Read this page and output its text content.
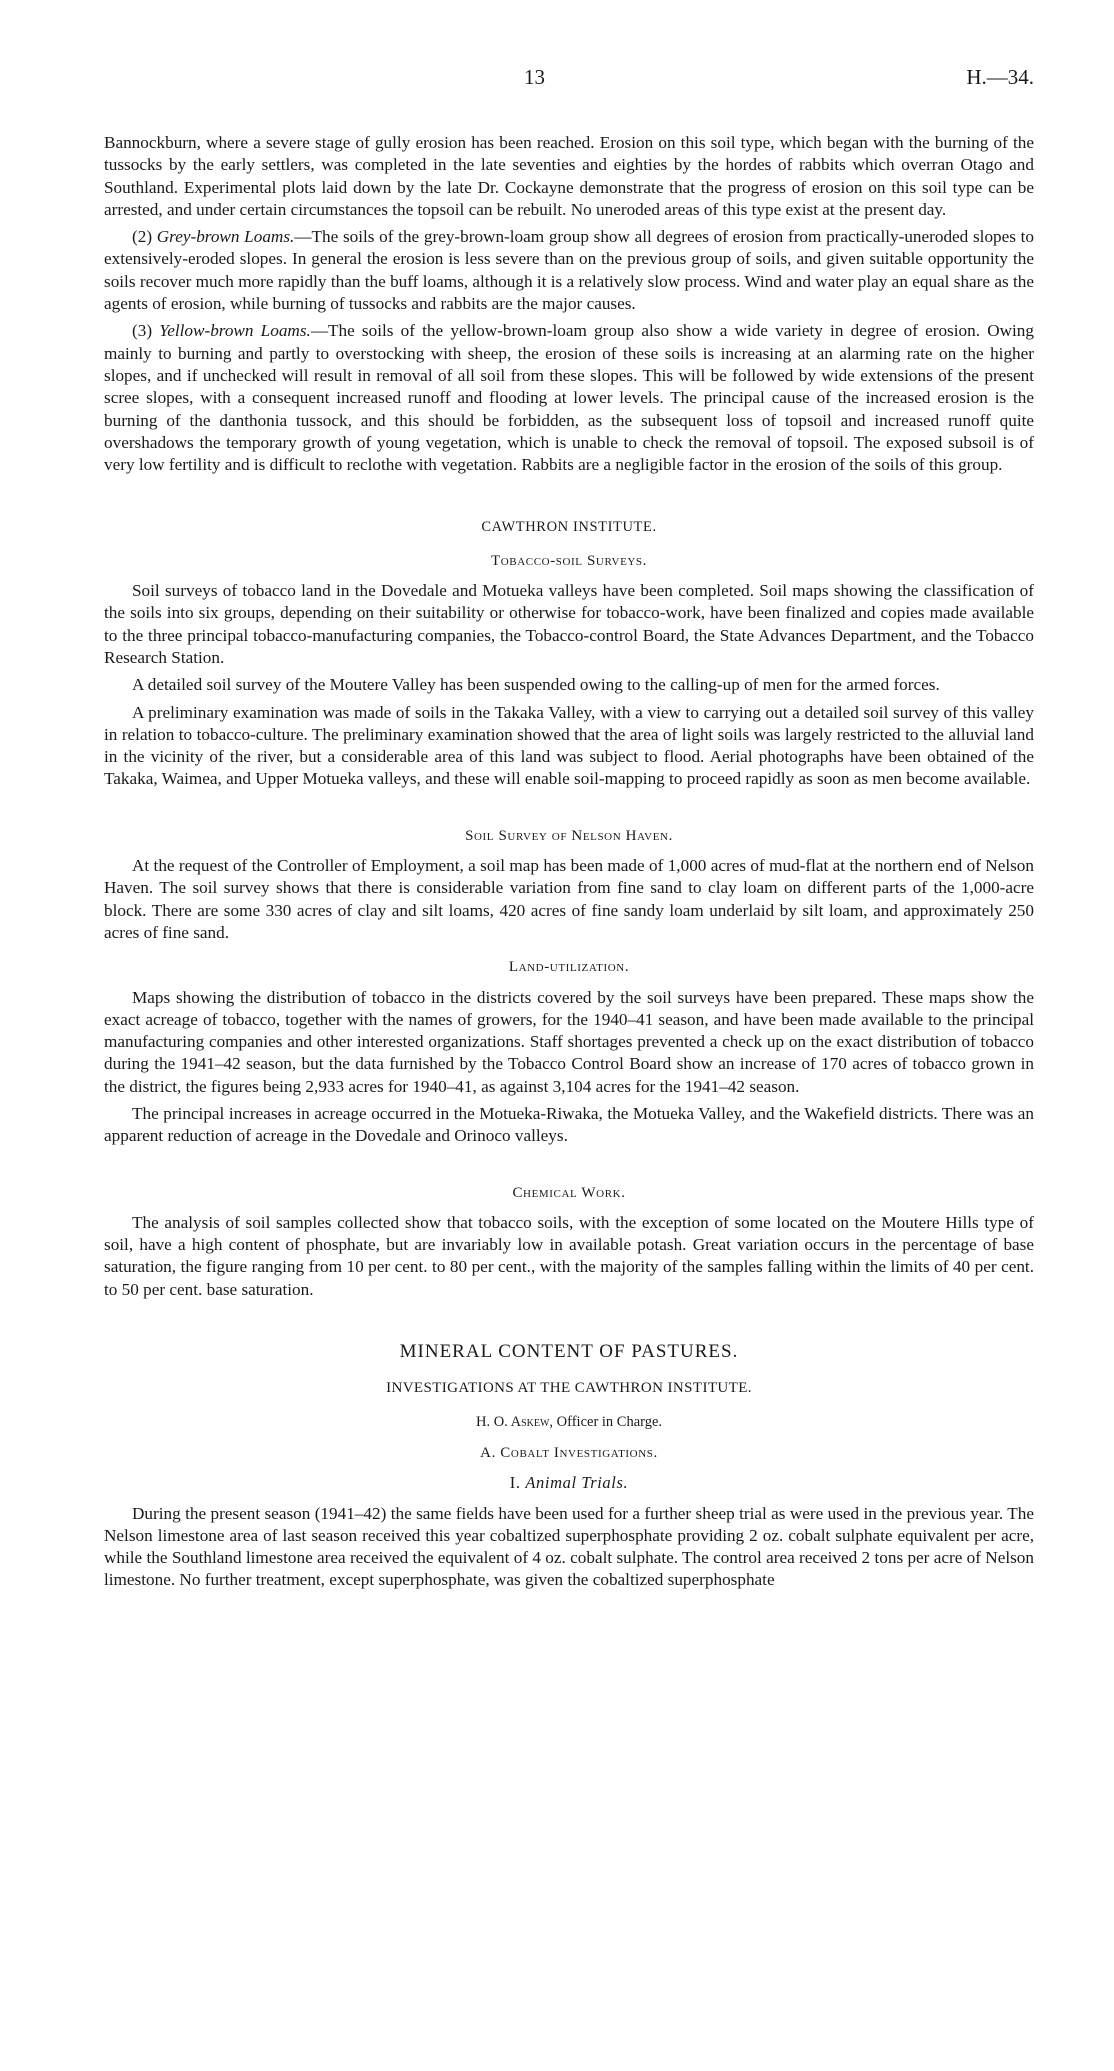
13	H.—34.

Bannockburn, where a severe stage of gully erosion has been reached. Erosion on this soil type, which began with the burning of the tussocks by the early settlers, was completed in the late seventies and eighties by the hordes of rabbits which overran Otago and Southland. Experimental plots laid down by the late Dr. Cockayne demonstrate that the progress of erosion on this soil type can be arrested, and under certain circumstances the topsoil can be rebuilt. No uneroded areas of this type exist at the present day.

(2) Grey-brown Loams.—The soils of the grey-brown-loam group show all degrees of erosion from practically-uneroded slopes to extensively-eroded slopes. In general the erosion is less severe than on the previous group of soils, and given suitable opportunity the soils recover much more rapidly than the buff loams, although it is a relatively slow process. Wind and water play an equal share as the agents of erosion, while burning of tussocks and rabbits are the major causes.

(3) Yellow-brown Loams.—The soils of the yellow-brown-loam group also show a wide variety in degree of erosion. Owing mainly to burning and partly to overstocking with sheep, the erosion of these soils is increasing at an alarming rate on the higher slopes, and if unchecked will result in removal of all soil from these slopes. This will be followed by wide extensions of the present scree slopes, with a consequent increased runoff and flooding at lower levels. The principal cause of the increased erosion is the burning of the danthonia tussock, and this should be forbidden, as the subsequent loss of topsoil and increased runoff quite overshadows the temporary growth of young vegetation, which is unable to check the removal of topsoil. The exposed subsoil is of very low fertility and is difficult to reclothe with vegetation. Rabbits are a negligible factor in the erosion of the soils of this group.

CAWTHRON INSTITUTE.
Tobacco-soil Surveys.

Soil surveys of tobacco land in the Dovedale and Motueka valleys have been completed. Soil maps showing the classification of the soils into six groups, depending on their suitability or otherwise for tobacco-work, have been finalized and copies made available to the three principal tobacco-manufacturing companies, the Tobacco-control Board, the State Advances Department, and the Tobacco Research Station.

A detailed soil survey of the Moutere Valley has been suspended owing to the calling-up of men for the armed forces.

A preliminary examination was made of soils in the Takaka Valley, with a view to carrying out a detailed soil survey of this valley in relation to tobacco-culture. The preliminary examination showed that the area of light soils was largely restricted to the alluvial land in the vicinity of the river, but a considerable area of this land was subject to flood. Aerial photographs have been obtained of the Takaka, Waimea, and Upper Motueka valleys, and these will enable soil-mapping to proceed rapidly as soon as men become available.

Soil Survey of Nelson Haven.

At the request of the Controller of Employment, a soil map has been made of 1,000 acres of mud-flat at the northern end of Nelson Haven. The soil survey shows that there is considerable variation from fine sand to clay loam on different parts of the 1,000-acre block. There are some 330 acres of clay and silt loams, 420 acres of fine sandy loam underlaid by silt loam, and approximately 250 acres of fine sand.

Land-utilization.

Maps showing the distribution of tobacco in the districts covered by the soil surveys have been prepared. These maps show the exact acreage of tobacco, together with the names of growers, for the 1940–41 season, and have been made available to the principal manufacturing companies and other interested organizations. Staff shortages prevented a check up on the exact distribution of tobacco during the 1941–42 season, but the data furnished by the Tobacco Control Board show an increase of 170 acres of tobacco grown in the district, the figures being 2,933 acres for 1940–41, as against 3,104 acres for the 1941–42 season.

The principal increases in acreage occurred in the Motueka-Riwaka, the Motueka Valley, and the Wakefield districts. There was an apparent reduction of acreage in the Dovedale and Orinoco valleys.

Chemical Work.

The analysis of soil samples collected show that tobacco soils, with the exception of some located on the Moutere Hills type of soil, have a high content of phosphate, but are invariably low in available potash. Great variation occurs in the percentage of base saturation, the figure ranging from 10 per cent. to 80 per cent., with the majority of the samples falling within the limits of 40 per cent. to 50 per cent. base saturation.

MINERAL CONTENT OF PASTURES.
INVESTIGATIONS AT THE CAWTHRON INSTITUTE.
H. O. Askew, Officer in Charge.
A. Cobalt Investigations.
I. Animal Trials.

During the present season (1941–42) the same fields have been used for a further sheep trial as were used in the previous year. The Nelson limestone area of last season received this year cobaltized superphosphate providing 2 oz. cobalt sulphate equivalent per acre, while the Southland limestone area received the equivalent of 4 oz. cobalt sulphate. The control area received 2 tons per acre of Nelson limestone. No further treatment, except superphosphate, was given the cobaltized superphosphate
